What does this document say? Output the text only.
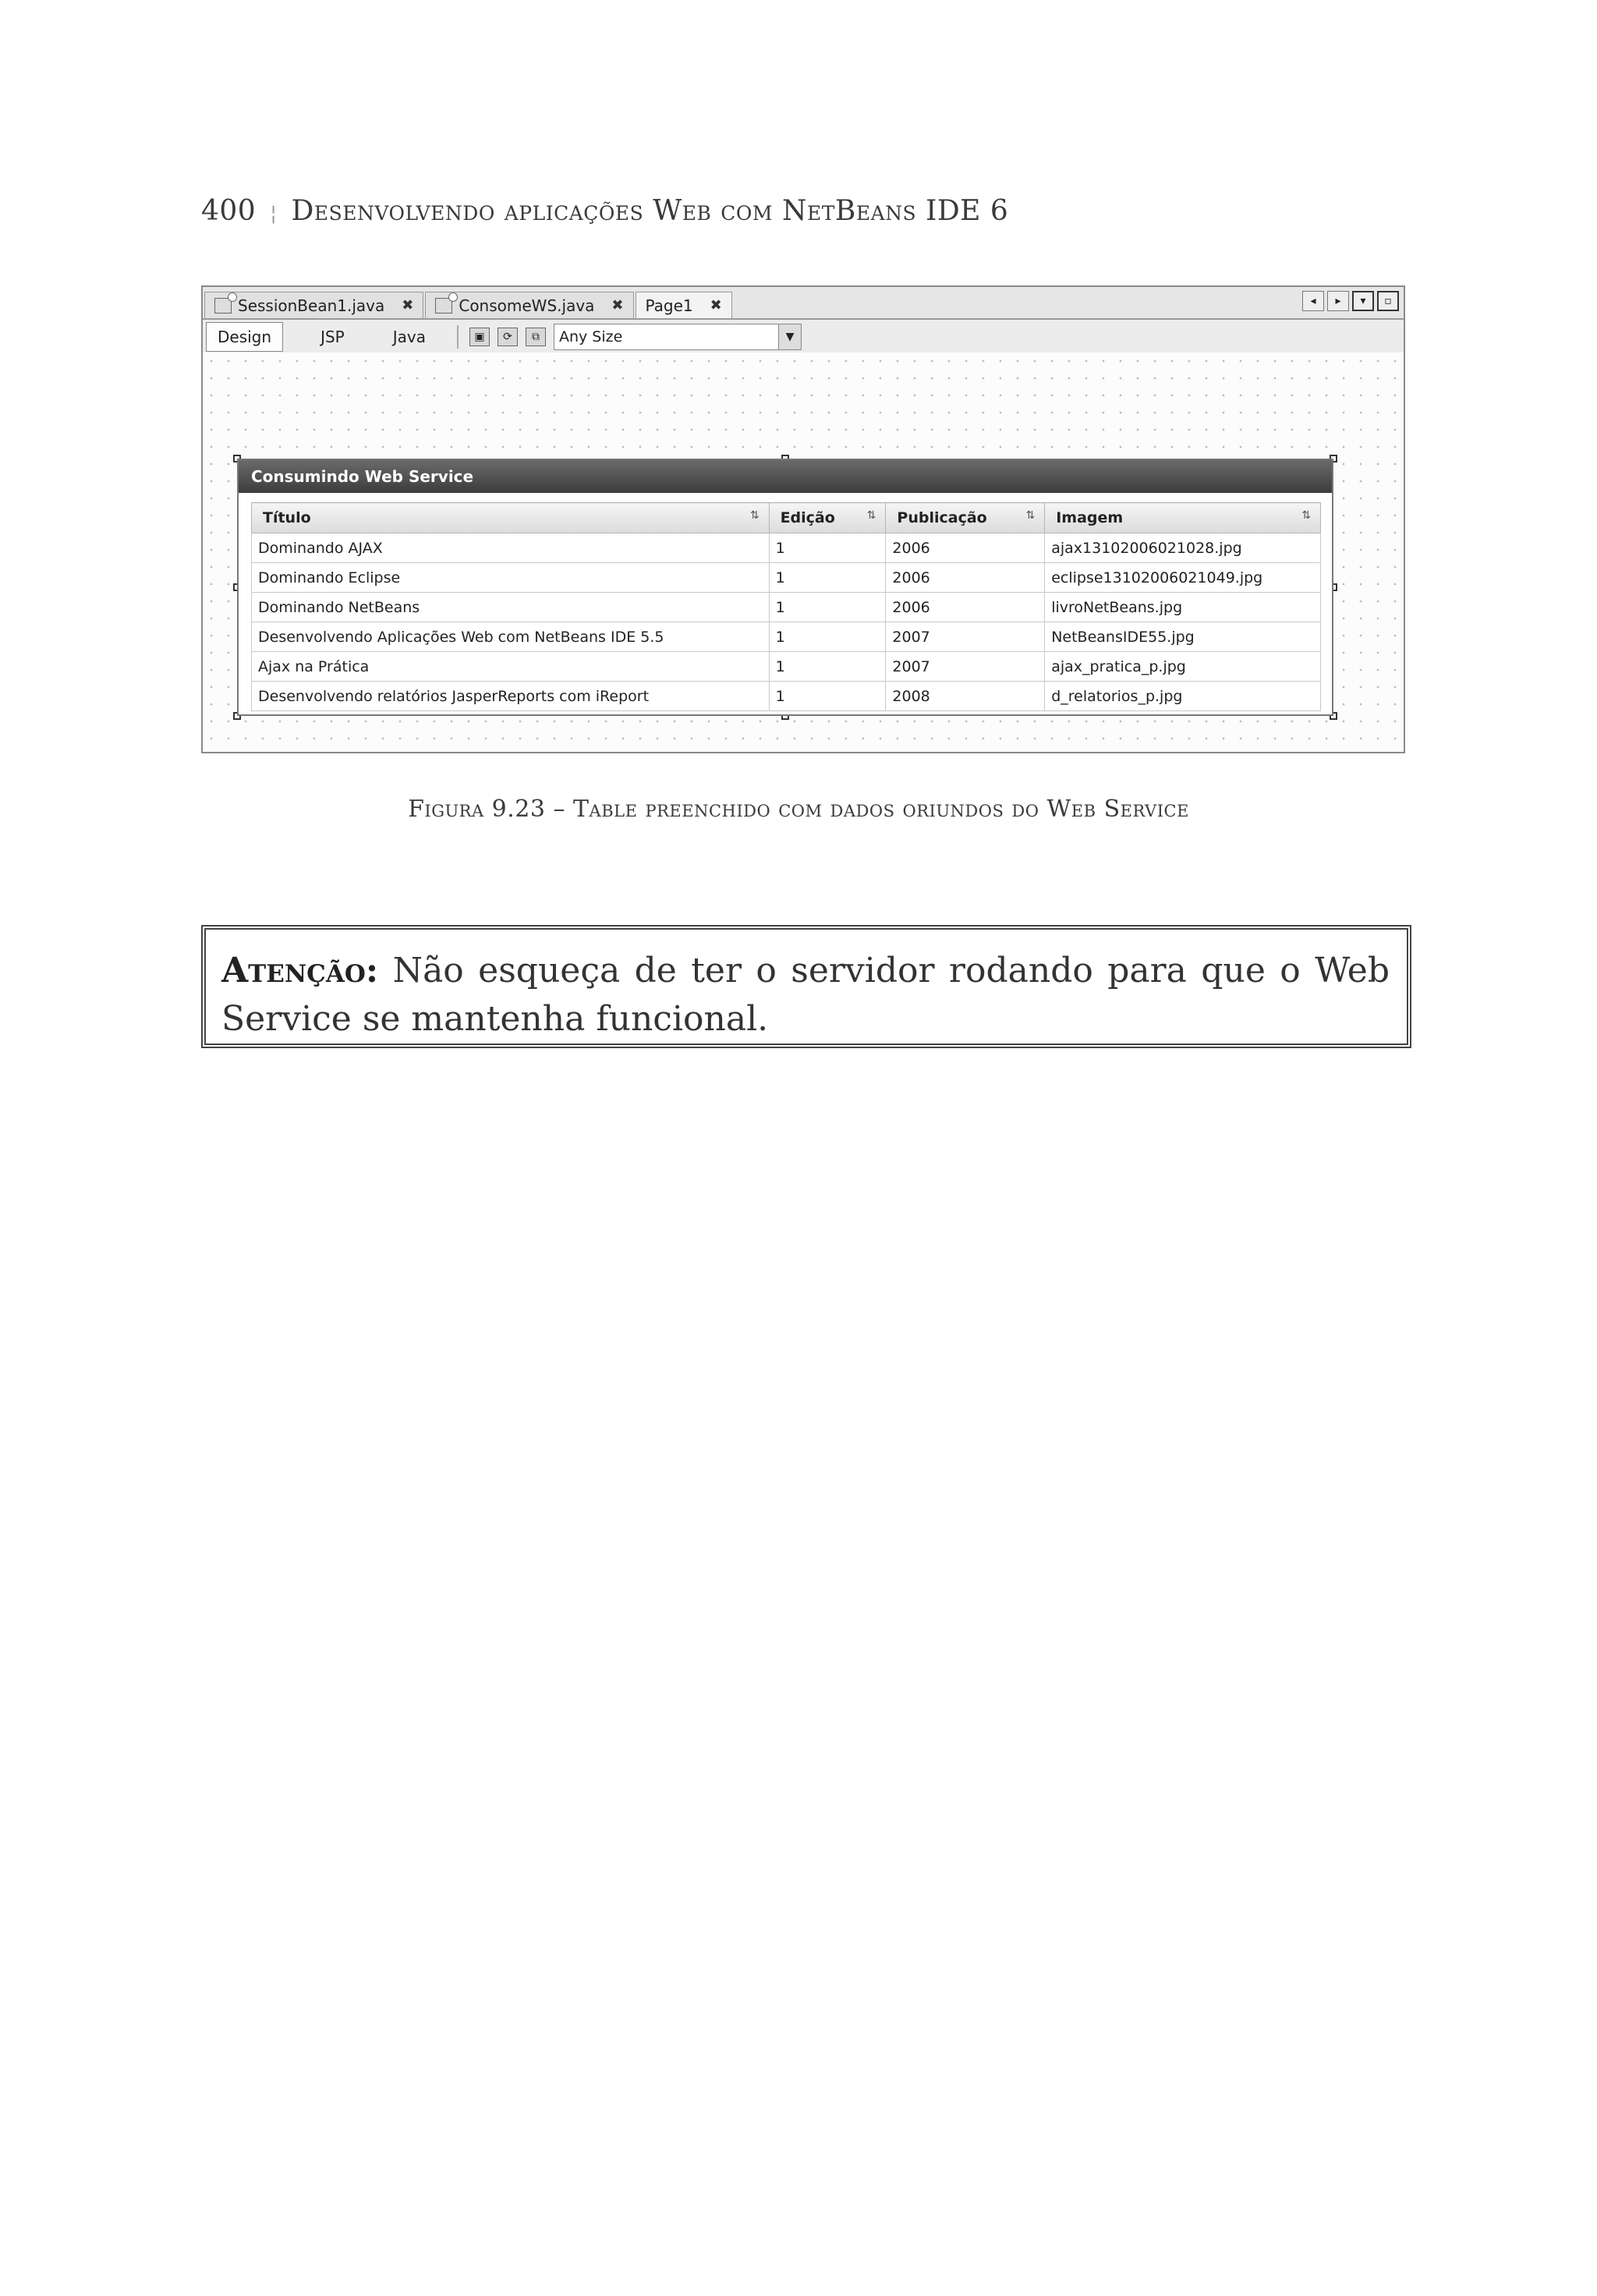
400 ¦ Desenvolvendo aplicações Web com NetBeans IDE 6
SessionBean1.java ✖	ConsomeWS.java ✖ Page1 ✖	◂	▸	▾	▫
Design	JSP	Java	▣	⟳	⧉	Any Size	▼
Consumindo Web Service
Título ⇅	Edição ⇅	Publicação ⇅	Imagem ⇅

Dominando AJAX	1	2006	ajax13102006021028.jpg
Dominando Eclipse	1	2006	eclipse13102006021049.jpg
Dominando NetBeans	1	2006	livroNetBeans.jpg
Desenvolvendo Aplicações Web com NetBeans IDE 5.5	1	2007	NetBeansIDE55.jpg
Ajax na Prática	1	2007	ajax_pratica_p.jpg
Desenvolvendo relatórios JasperReports com iReport	1	2008	d_relatorios_p.jpg
Figura 9.23 – Table preenchido com dados oriundos do Web Service
Atenção: Não esqueça de ter o servidor rodando para que o Web Service se mantenha funcional.
